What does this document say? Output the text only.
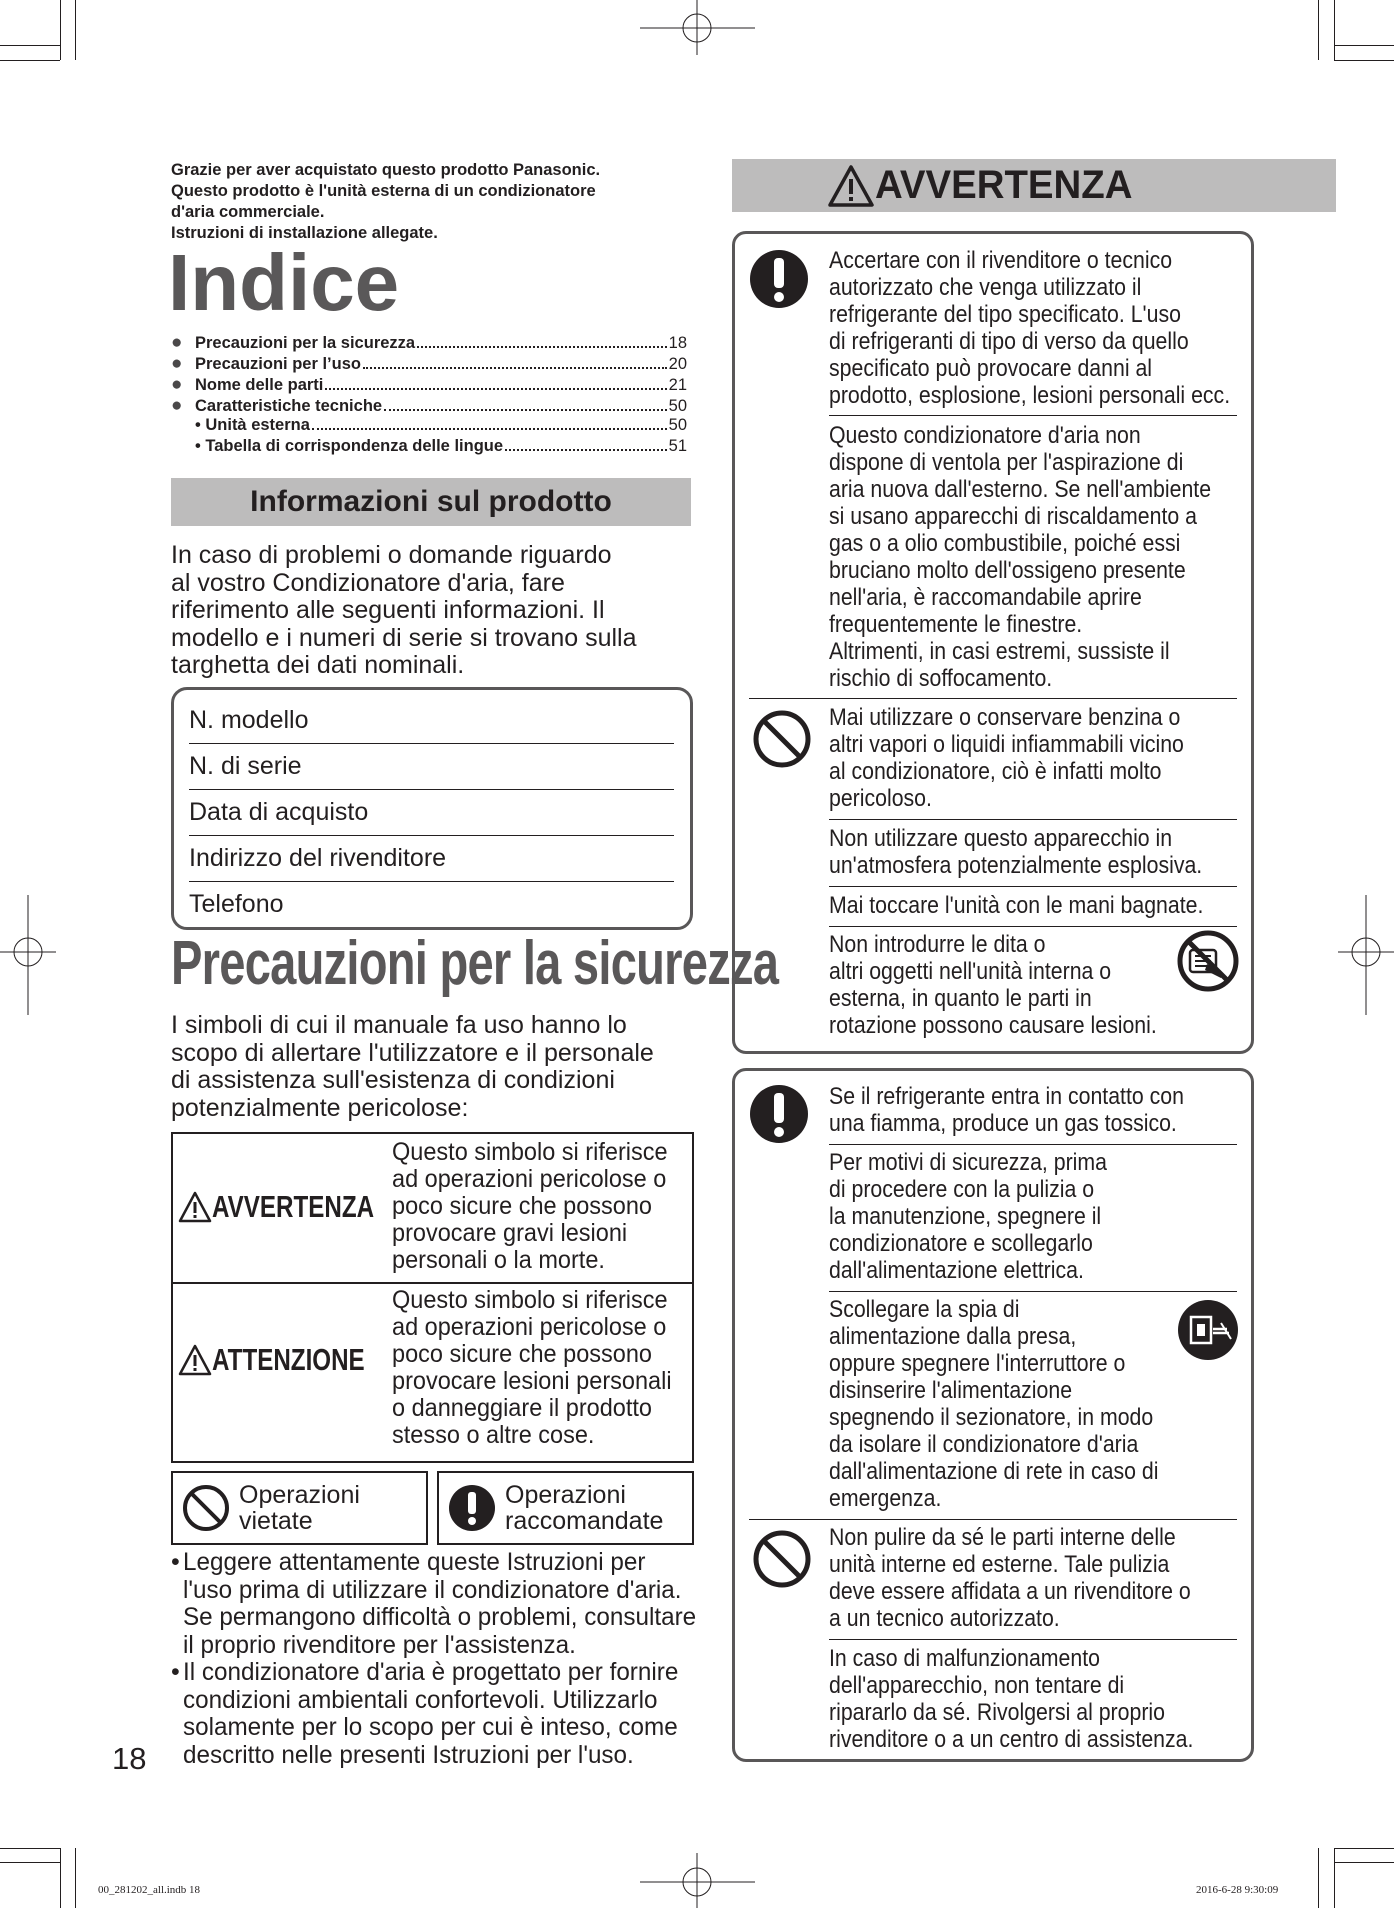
Grazie per aver acquistato questo prodotto Panasonic.
Questo prodotto è l'unità esterna di un condizionatore
d'aria commerciale.
Istruzioni di installazione allegate.
Indice
● Precauzioni per la sicurezza	18
● Precauzioni per l’uso	20
● Nome delle parti	21
● Caratteristiche tecniche	50
• Unità esterna	50
• Tabella di corrispondenza delle lingue	51
Informazioni sul prodotto
In caso di problemi o domande riguardo
al vostro Condizionatore d'aria, fare
riferimento alle seguenti informazioni. Il
modello e i numeri di serie si trovano sulla
targhetta dei dati nominali.
N. modello
N. di serie
Data di acquisto
Indirizzo del rivenditore
Telefono
Precauzioni per la sicurezza
I simboli di cui il manuale fa uso hanno lo
scopo di allertare l'utilizzatore e il personale
di assistenza sull'esistenza di condizioni
potenzialmente pericolose:
AVVERTENZA
Questo simbolo si riferisce
ad operazioni pericolose o
poco sicure che possono
provocare gravi lesioni
personali o la morte.
ATTENZIONE
Questo simbolo si riferisce
ad operazioni pericolose o
poco sicure che possono
provocare lesioni personali
o danneggiare il prodotto
stesso o altre cose.
Operazioni
vietate
Operazioni
raccomandate
• Leggere attentamente queste Istruzioni per
l'uso prima di utilizzare il condizionatore d'aria.
Se permangono difficoltà o problemi, consultare
il proprio rivenditore per l'assistenza.
• Il condizionatore d'aria è progettato per fornire
condizioni ambientali confortevoli. Utilizzarlo
solamente per lo scopo per cui è inteso, come
descritto nelle presenti Istruzioni per l'uso.
18
AVVERTENZA
Accertare con il rivenditore o tecnico
autorizzato che venga utilizzato il
refrigerante del tipo specificato. L'uso
di refrigeranti di tipo di verso da quello
specificato può provocare danni al
prodotto, esplosione, lesioni personali ecc.
Questo condizionatore d'aria non
dispone di ventola per l'aspirazione di
aria nuova dall'esterno. Se nell'ambiente
si usano apparecchi di riscaldamento a
gas o a olio combustibile, poiché essi
bruciano molto dell'ossigeno presente
nell'aria, è raccomandabile aprire
frequentemente le finestre.
Altrimenti, in casi estremi, sussiste il
rischio di soffocamento.
Mai utilizzare o conservare benzina o
altri vapori o liquidi infiammabili vicino
al condizionatore, ciò è infatti molto
pericoloso.
Non utilizzare questo apparecchio in
un'atmosfera potenzialmente esplosiva.
Mai toccare l'unità con le mani bagnate.
Non introdurre le dita o
altri oggetti nell'unità interna o
esterna, in quanto le parti in
rotazione possono causare lesioni.
Se il refrigerante entra in contatto con
una fiamma, produce un gas tossico.
Per motivi di sicurezza, prima
di procedere con la pulizia o
la manutenzione, spegnere il
condizionatore e scollegarlo
dall'alimentazione elettrica.
Scollegare la spia di
alimentazione dalla presa,
oppure spegnere l'interruttore o
disinserire l'alimentazione
spegnendo il sezionatore, in modo
da isolare il condizionatore d'aria
dall'alimentazione di rete in caso di
emergenza.
Non pulire da sé le parti interne delle
unità interne ed esterne. Tale pulizia
deve essere affidata a un rivenditore o
a un tecnico autorizzato.
In caso di malfunzionamento
dell'apparecchio, non tentare di
ripararlo da sé. Rivolgersi al proprio
rivenditore o a un centro di assistenza.
00_281202_all.indb 18	2016-6-28 9:30:09
